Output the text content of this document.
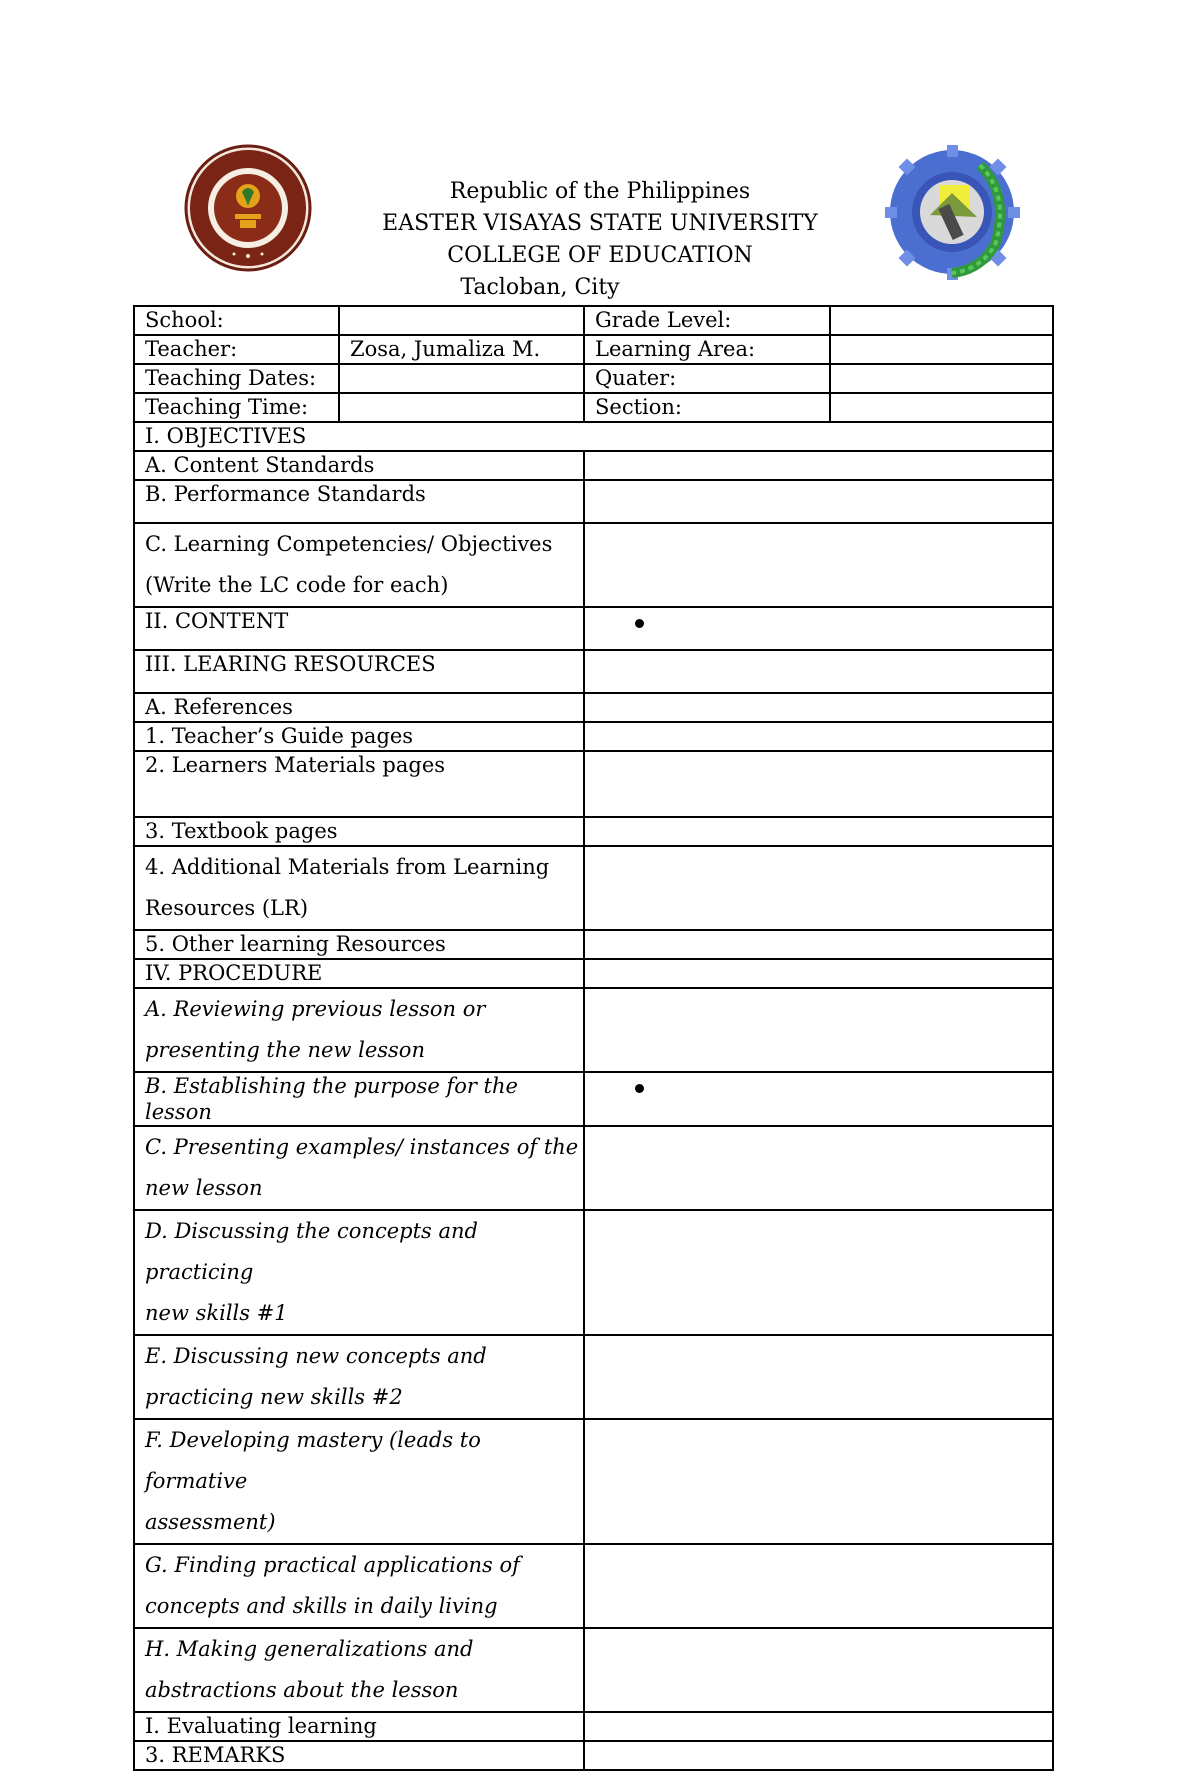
Republic of the Philippines
EASTER VISAYAS STATE UNIVERSITY
COLLEGE OF EDUCATION
Tacloban, City
School:		Grade Level:	
Teacher:	Zosa, Jumaliza M.	Learning Area:	
Teaching Dates:		Quater:	
Teaching Time:		Section:	
I. OBJECTIVES			
A. Content Standards			
B. Performance Standards			

C. Learning Competencies/ Objectives
(Write the LC code for each)			

II. CONTENT			
III. LEARING RESOURCES			
A. References			
1. Teacher’s Guide pages			
2. Learners Materials pages			
3. Textbook pages			

4. Additional Materials from Learning
Resources (LR)			

5. Other learning Resources			
IV. PROCEDURE			

A. Reviewing previous lesson or
presenting the new lesson			

B. Establishing the purpose for the lesson			

C. Presenting examples/ instances of the
new lesson			

D. Discussing the concepts and practicing
new skills #1			

E. Discussing new concepts and
practicing new skills #2			

F. Developing mastery (leads to formative
assessment)			

G. Finding practical applications of
concepts and skills in daily living			

H. Making generalizations and
abstractions about the lesson			

I. Evaluating learning			
3. REMARKS			
